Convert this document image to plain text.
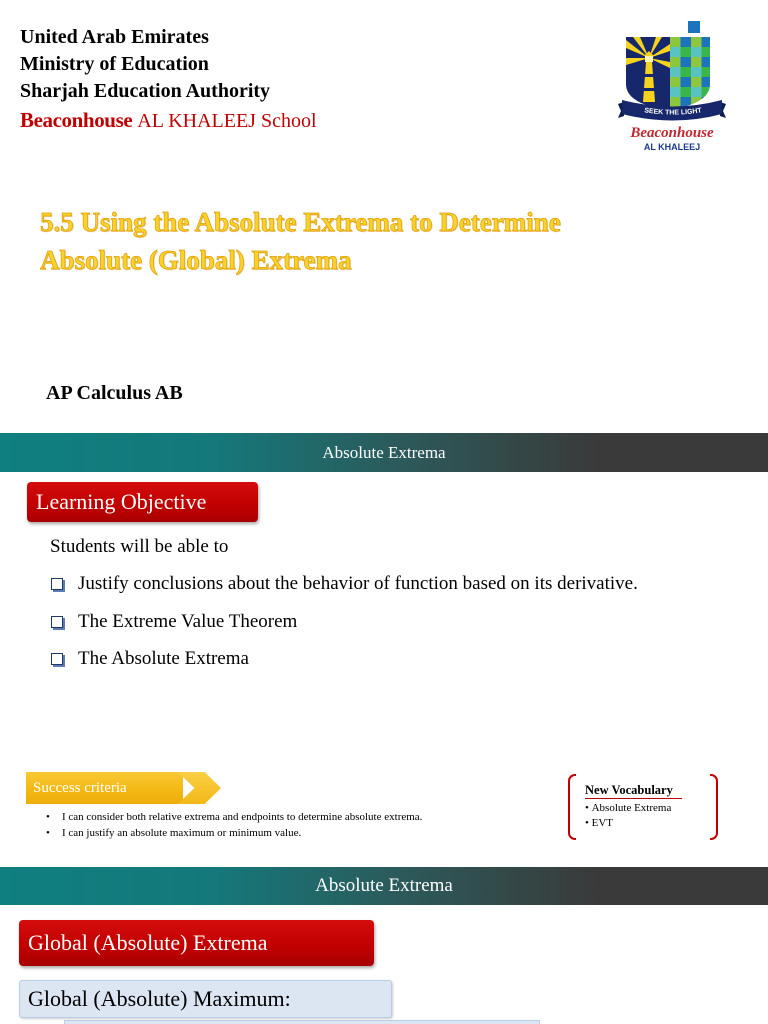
United Arab Emirates
Ministry of Education
Sharjah Education Authority
Beaconhouse AL KHALEEJ School	SEEK THE LIGHT
Beaconhouse
AL KHALEEJ
5.5 Using the Absolute Extrema to Determine
Absolute (Global) Extrema
AP Calculus AB
Absolute Extrema
Learning Objective
Students will be able to
Justify conclusions about the behavior of function based on its derivative.
The Extreme Value Theorem
The Absolute Extrema
Success criteria
• I can consider both relative extrema and endpoints to determine absolute extrema.
• I can justify an absolute maximum or minimum value.
New Vocabulary
• Absolute Extrema
• EVT
Absolute Extrema
Global (Absolute) Extrema
Global (Absolute) Maximum:
